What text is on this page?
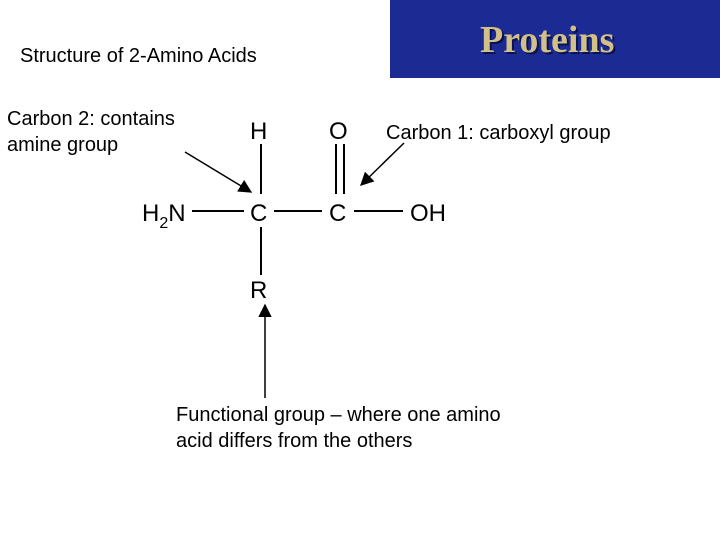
Structure of 2-Amino Acids	Proteins
Carbon 2: contains amine group
Carbon 1: carboxyl group
Functional group – where one amino acid differs from the others
H	O
$H_2N$	C	C	OH
R
